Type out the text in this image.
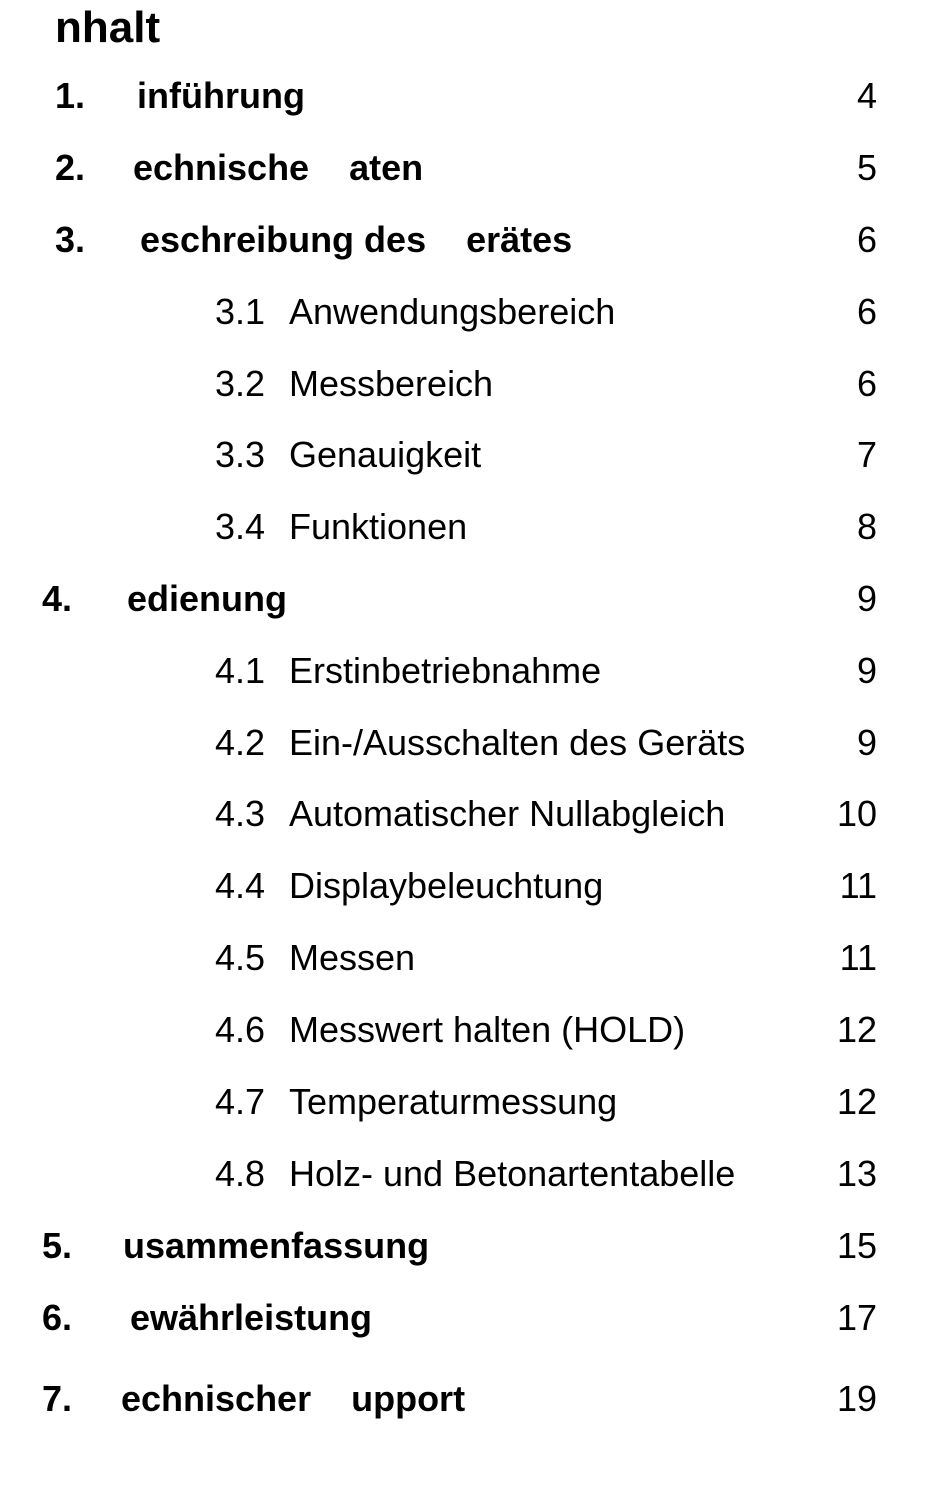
nhalt
1. inführung	4
2. echnische    aten	5
3. eschreibung des    erätes	6
3.1 Anwendungsbereich	6
3.2 Messbereich	6
3.3 Genauigkeit	7
3.4 Funktionen	8
4. edienung	9
4.1 Erstinbetriebnahme	9
4.2 Ein-/Ausschalten des Geräts	9
4.3 Automatischer Nullabgleich	10
4.4 Displaybeleuchtung	11
4.5 Messen	11
4.6 Messwert halten (HOLD)	12
4.7 Temperaturmessung	12
4.8 Holz- und Betonartentabelle	13
5. usammenfassung	15
6. ewährleistung	17
7. echnischer    upport	19
